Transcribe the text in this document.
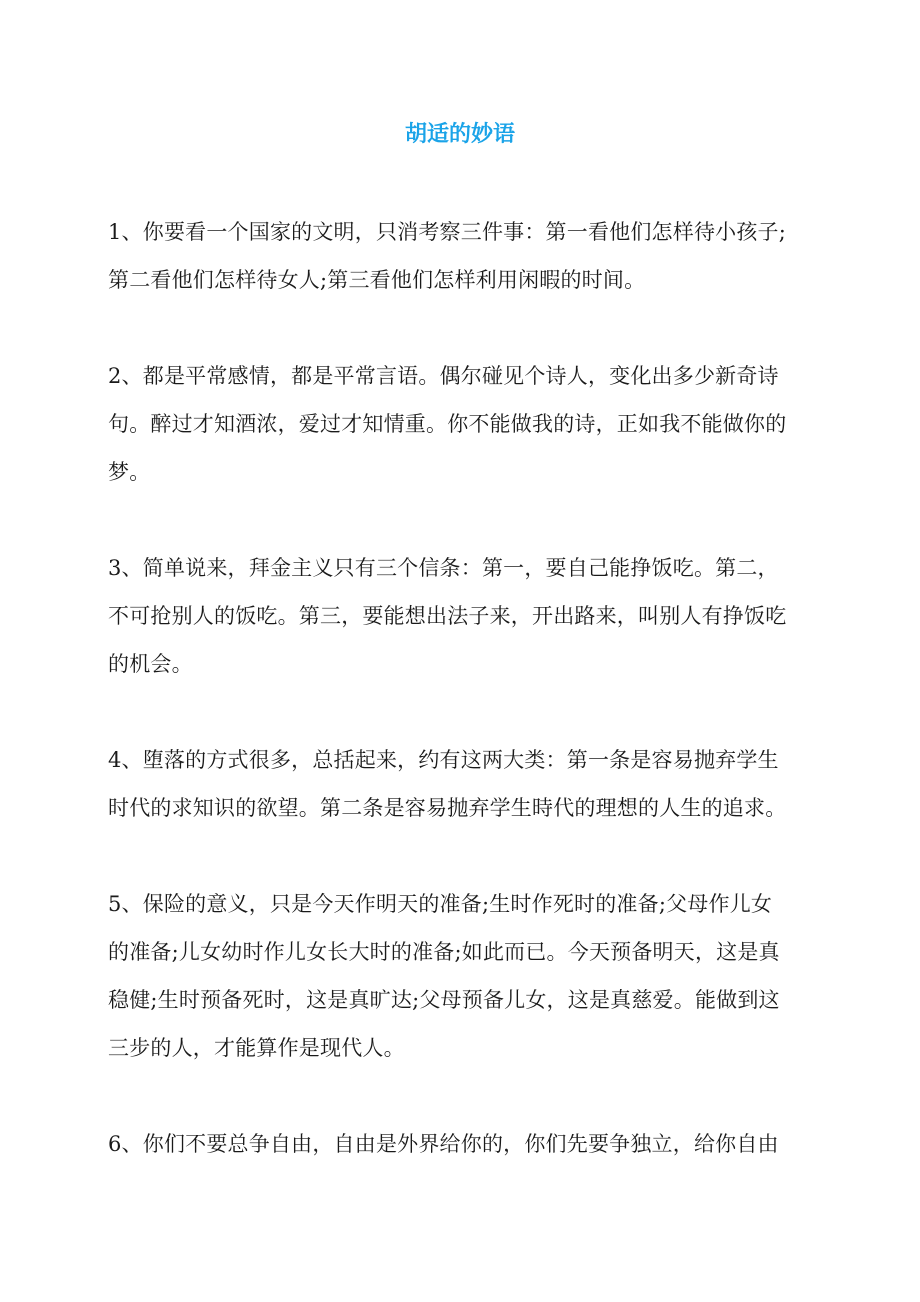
胡适的妙语
1、你要看一个国家的文明，只消考察三件事：第一看他们怎样待小孩子;
第二看他们怎样待女人;第三看他们怎样利用闲暇的时间。
2、都是平常感情，都是平常言语。偶尔碰见个诗人，变化出多少新奇诗
句。醉过才知酒浓，爱过才知情重。你不能做我的诗，正如我不能做你的
梦。
3、简单说来，拜金主义只有三个信条：第一，要自己能挣饭吃。第二，
不可抢别人的饭吃。第三，要能想出法子来，开出路来，叫别人有挣饭吃
的机会。
4、堕落的方式很多，总括起来，约有这两大类：第一条是容易抛弃学生
时代的求知识的欲望。第二条是容易抛弃学生時代的理想的人生的追求。
5、保险的意义，只是今天作明天的准备;生时作死时的准备;父母作儿女
的准备;儿女幼时作儿女长大时的准备;如此而已。今天预备明天，这是真
稳健;生时预备死时，这是真旷达;父母预备儿女，这是真慈爱。能做到这
三步的人，才能算作是现代人。
6、你们不要总争自由，自由是外界给你的，你们先要争独立，给你自由
